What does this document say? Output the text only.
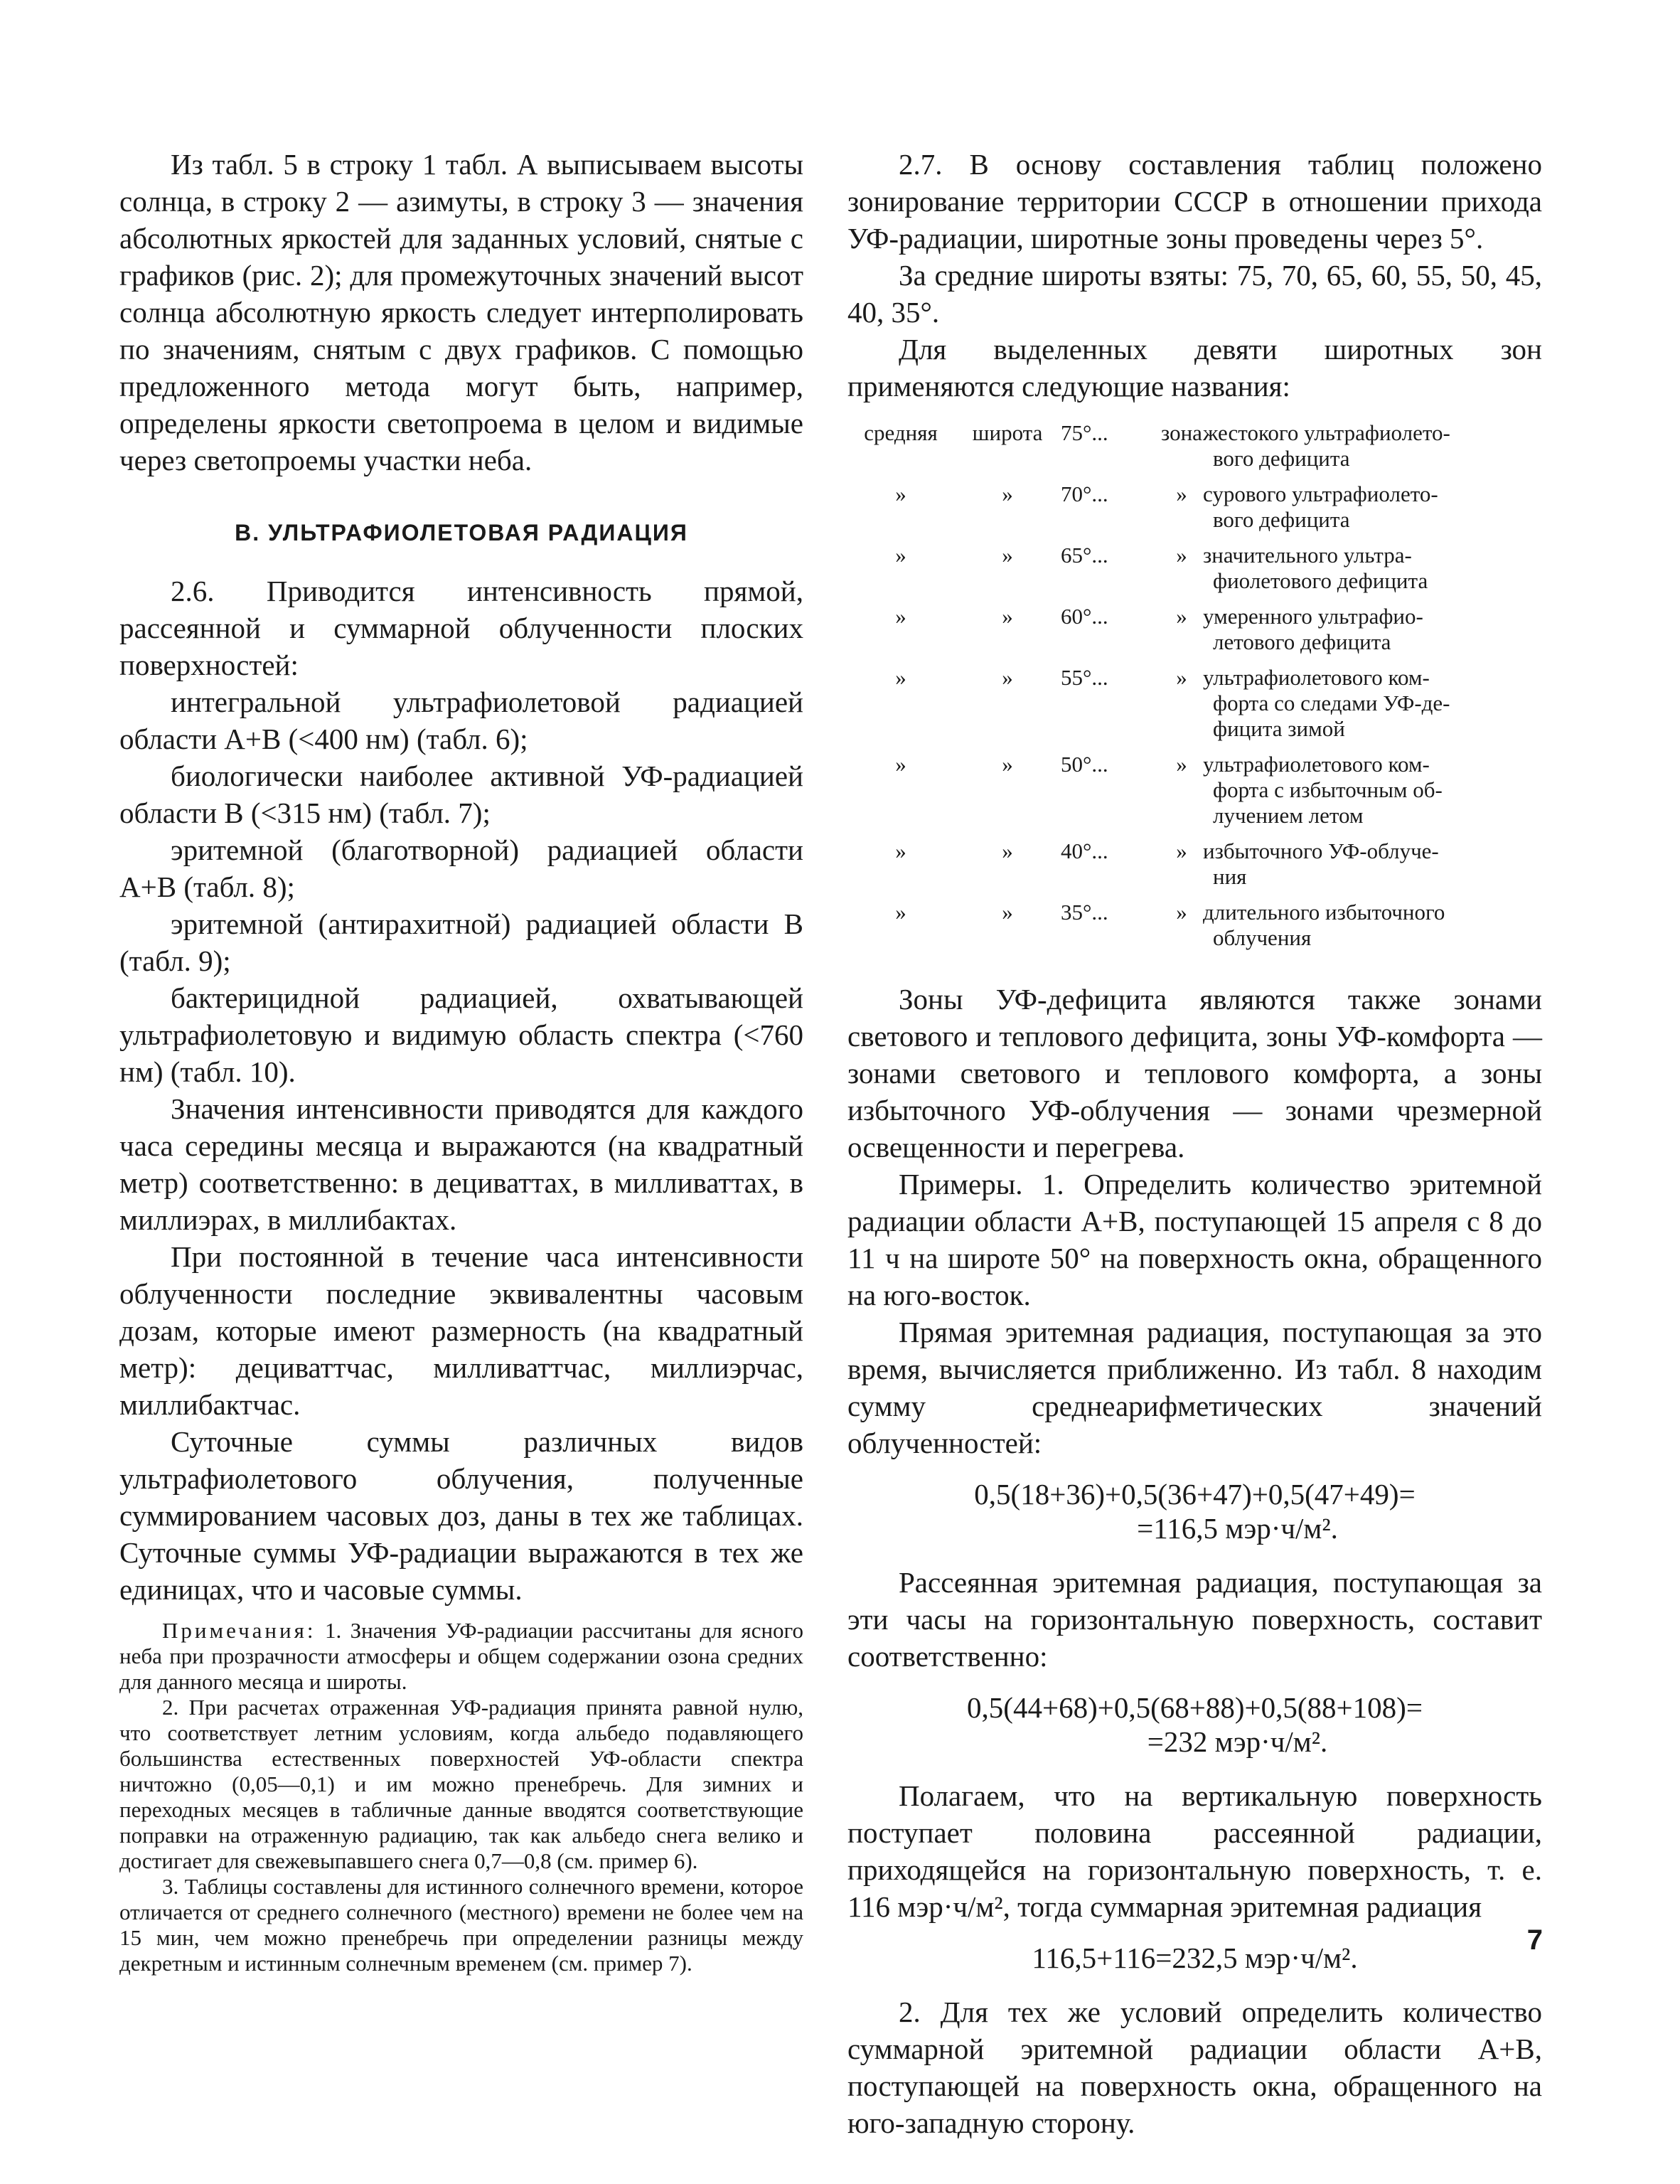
Из табл. 5 в строку 1 табл. А выписываем высоты солнца, в строку 2 — азимуты, в строку 3 — значения абсолютных яркостей для заданных условий, снятые с графиков (рис. 2); для промежуточных значений высот солнца абсолютную яркость следует интерполировать по значениям, снятым с двух графиков. С помощью предложенного метода могут быть, например, определены яркости светопроема в целом и видимые через светопроемы участки неба.

В. УЛЬТРАФИОЛЕТОВАЯ РАДИАЦИЯ

2.6. Приводится интенсивность прямой, рассеянной и суммарной облученности плоских поверхностей:

интегральной ультрафиолетовой радиацией области A+B (<400 нм) (табл. 6);

биологически наиболее активной УФ-радиацией области B (<315 нм) (табл. 7);

эритемной (благотворной) радиацией области A+B (табл. 8);

эритемной (антирахитной) радиацией области B (табл. 9);

бактерицидной радиацией, охватывающей ультрафиолетовую и видимую область спектра (<760 нм) (табл. 10).

Значения интенсивности приводятся для каждого часа середины месяца и выражаются (на квадратный метр) соответственно: в дециваттах, в милливаттах, в миллиэрах, в миллибактах.

При постоянной в течение часа интенсивности облученности последние эквивалентны часовым дозам, которые имеют размерность (на квадратный метр): дециваттчас, милливаттчас, миллиэрчас, миллибактчас.

Суточные суммы различных видов ультрафиолетового облучения, полученные суммированием часовых доз, даны в тех же таблицах. Суточные суммы УФ-радиации выражаются в тех же единицах, что и часовые суммы.

Примечания: 1. Значения УФ-радиации рассчитаны для ясного неба при прозрачности атмосферы и общем содержании озона средних для данного месяца и широты.

2. При расчетах отраженная УФ-радиация принята равной нулю, что соответствует летним условиям, когда альбедо подавляющего большинства естественных поверхностей УФ-области спектра ничтожно (0,05—0,1) и им можно пренебречь. Для зимних и переходных месяцев в табличные данные вводятся соответствующие поправки на отраженную радиацию, так как альбедо снега велико и достигает для свежевыпавшего снега 0,7—0,8 (см. пример 6).

3. Таблицы составлены для истинного солнечного времени, которое отличается от среднего солнечного (местного) времени не более чем на 15 мин, чем можно пренебречь при определении разницы между декретным и истинным солнечным временем (см. пример 7).

2.7. В основу составления таблиц положено зонирование территории СССР в отношении прихода УФ-радиации, широтные зоны проведены через 5°.

За средние широты взяты: 75, 70, 65, 60, 55, 50, 45, 40, 35°.

Для выделенных девяти широтных зон применяются следующие названия:

средняя	широта	75°...	зона	жестокого ультрафиолето-
вого дефицита

»	»	70°...	»	сурового ультрафиолето-
вого дефицита

»	»	65°...	»	значительного ультра-
фиолетового дефицита

»	»	60°...	»	умеренного ультрафио-
летового дефицита

»	»	55°...	»	ультрафиолетового ком-
форта со следами УФ-де-
фицита зимой

»	»	50°...	»	ультрафиолетового ком-
форта с избыточным об-
лучением летом

»	»	40°...	»	избыточного УФ-облуче-
ния

»	»	35°...	»	длительного избыточного
облучения

Зоны УФ-дефицита являются также зонами светового и теплового дефицита, зоны УФ-комфорта — зонами светового и теплового комфорта, а зоны избыточного УФ-облучения — зонами чрезмерной освещенности и перегрева.

Примеры. 1. Определить количество эритемной радиации области A+B, поступающей 15 апреля с 8 до 11 ч на широте 50° на поверхность окна, обращенного на юго-восток.

Прямая эритемная радиация, поступающая за это время, вычисляется приближенно. Из табл. 8 находим сумму среднеарифметических значений облученностей:

0,5(18+36)+0,5(36+47)+0,5(47+49)=
=116,5 мэр·ч/м².

Рассеянная эритемная радиация, поступающая за эти часы на горизонтальную поверхность, составит соответственно:

0,5(44+68)+0,5(68+88)+0,5(88+108)=
=232 мэр·ч/м².

Полагаем, что на вертикальную поверхность поступает половина рассеянной радиации, приходящейся на горизонтальную поверхность, т. е. 116 мэр·ч/м², тогда суммарная эритемная радиация

116,5+116=232,5 мэр·ч/м².

2. Для тех же условий определить количество суммарной эритемной радиации области A+B, поступающей на поверхность окна, обращенного на юго-западную сторону.

7
